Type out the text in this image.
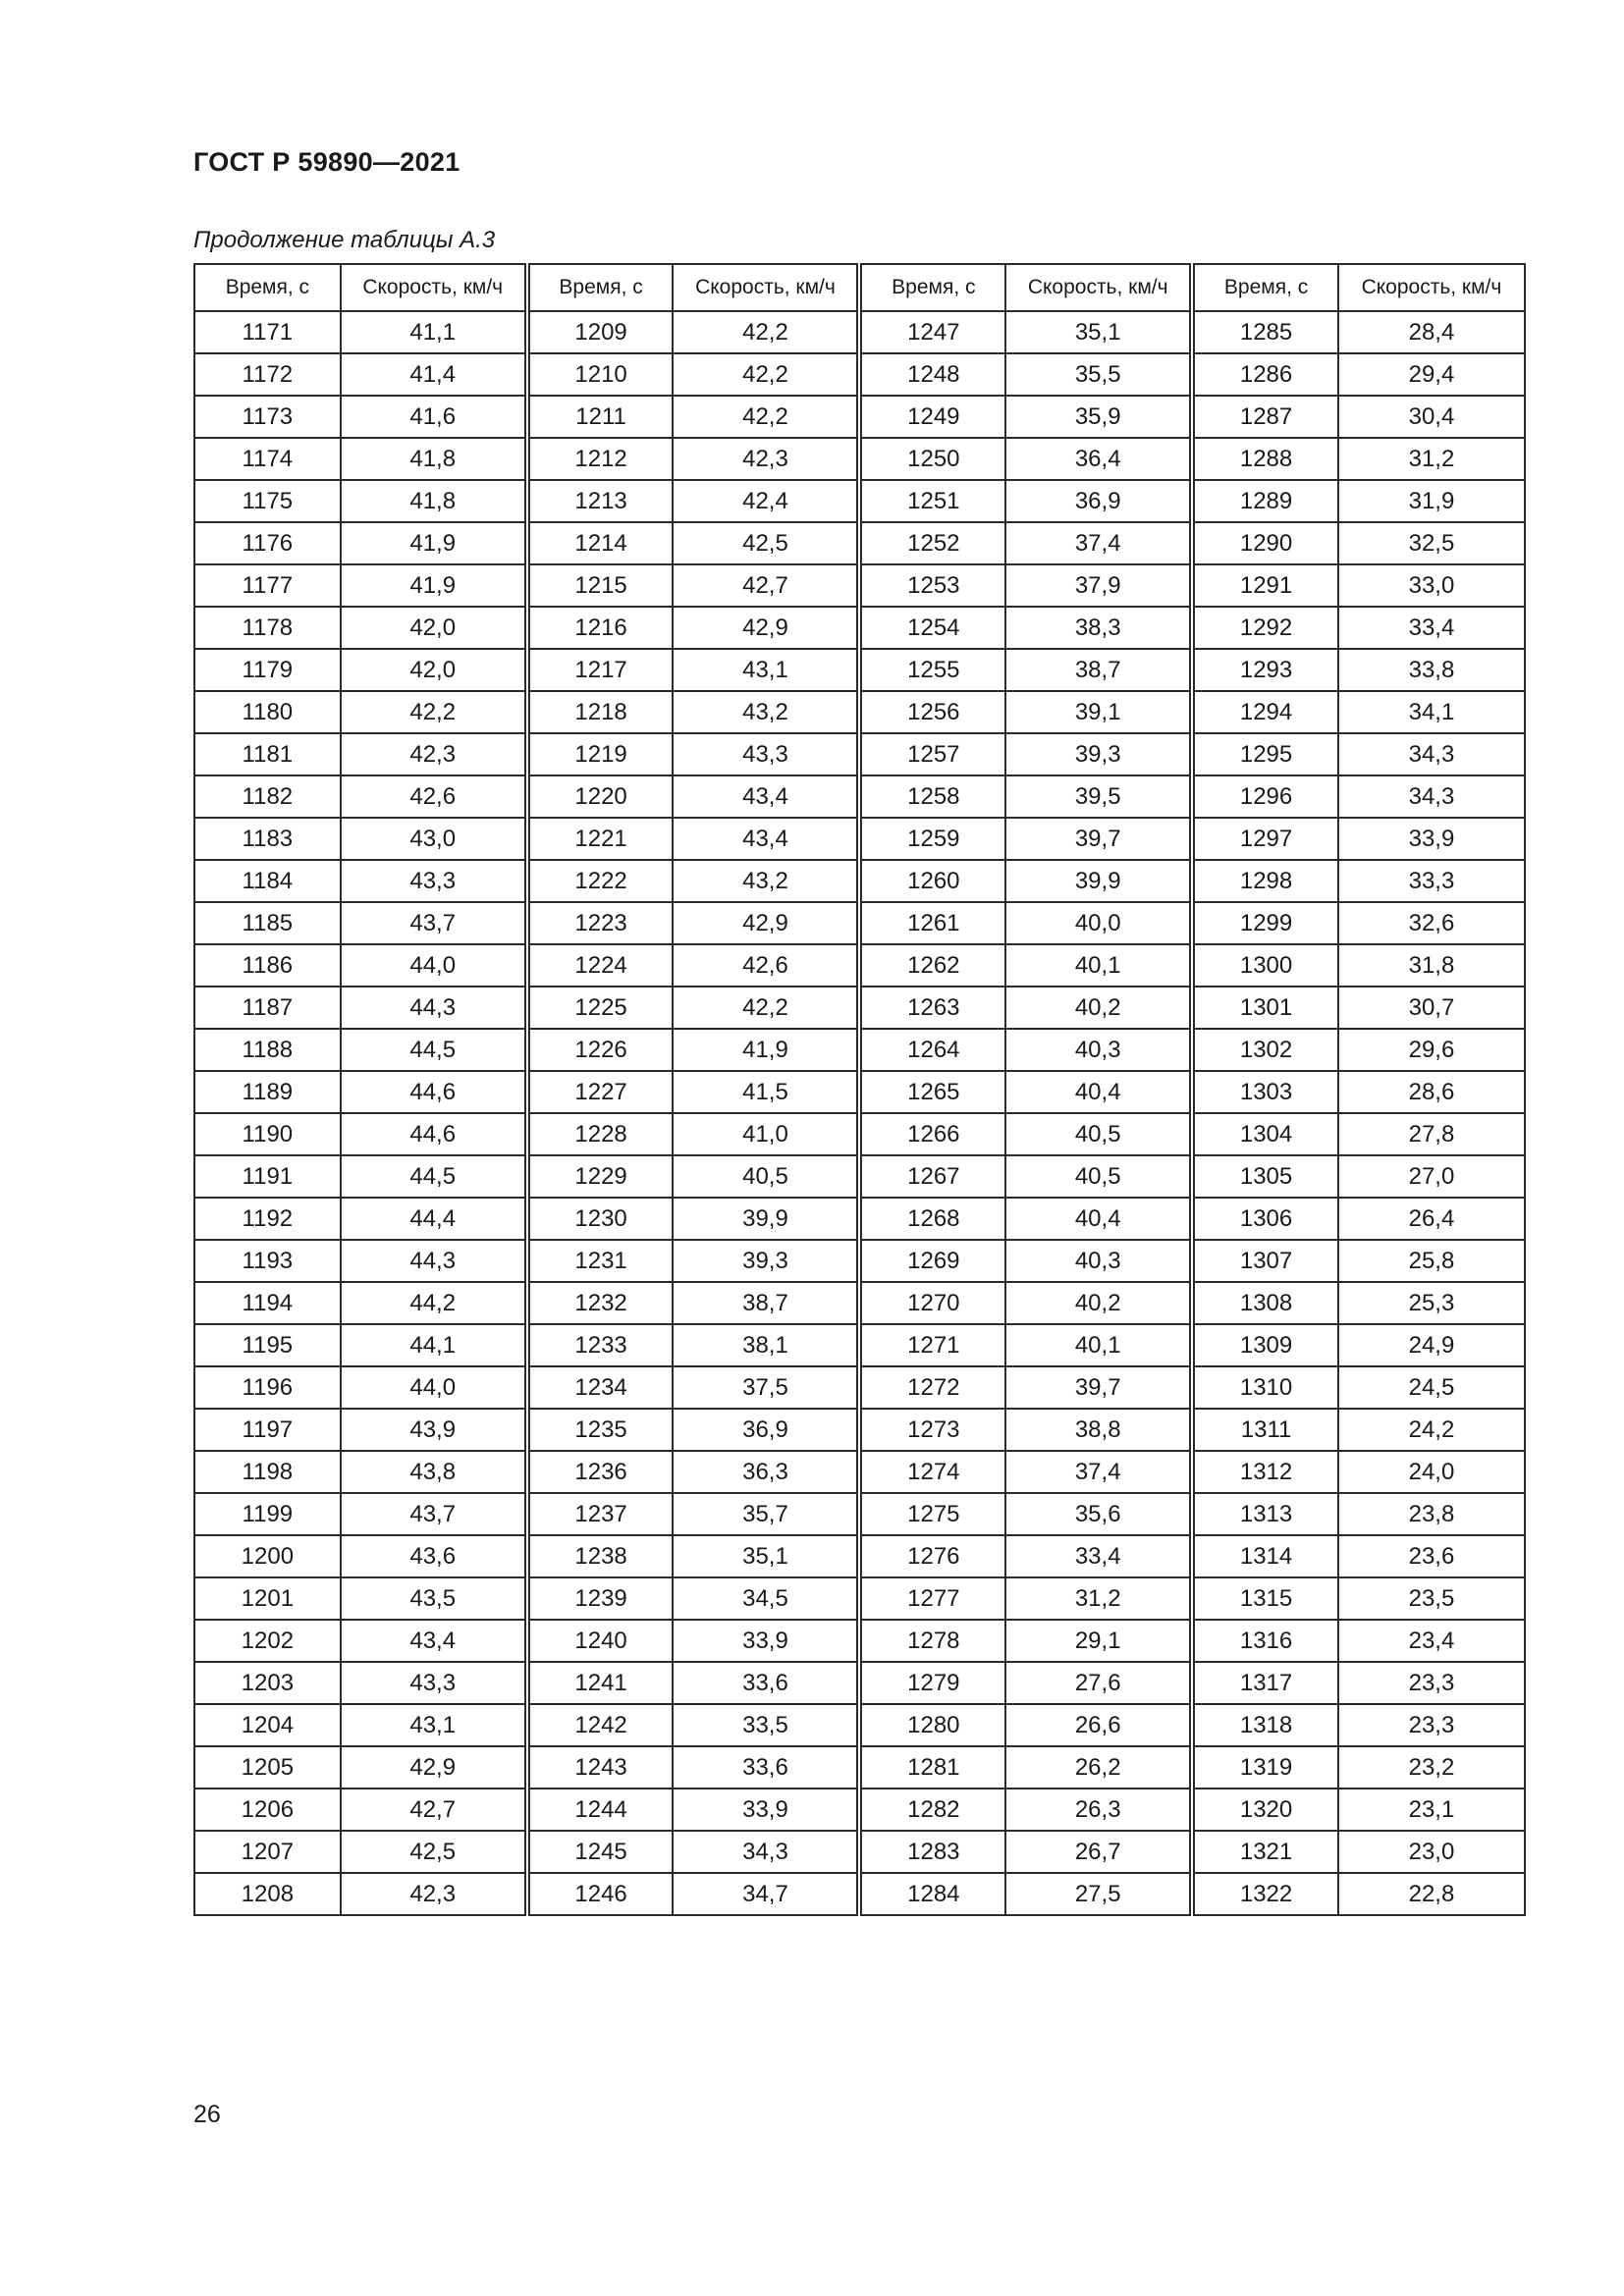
ГОСТ Р 59890—2021
Продолжение таблицы А.3
Время, с	Скорость, км/ч	Время, с	Скорость, км/ч	Время, с	Скорость, км/ч	Время, с	Скорость, км/ч
1171	41,1	1209	42,2	1247	35,1	1285	28,4
1172	41,4	1210	42,2	1248	35,5	1286	29,4
1173	41,6	1211	42,2	1249	35,9	1287	30,4
1174	41,8	1212	42,3	1250	36,4	1288	31,2
1175	41,8	1213	42,4	1251	36,9	1289	31,9
1176	41,9	1214	42,5	1252	37,4	1290	32,5
1177	41,9	1215	42,7	1253	37,9	1291	33,0
1178	42,0	1216	42,9	1254	38,3	1292	33,4
1179	42,0	1217	43,1	1255	38,7	1293	33,8
1180	42,2	1218	43,2	1256	39,1	1294	34,1
1181	42,3	1219	43,3	1257	39,3	1295	34,3
1182	42,6	1220	43,4	1258	39,5	1296	34,3
1183	43,0	1221	43,4	1259	39,7	1297	33,9
1184	43,3	1222	43,2	1260	39,9	1298	33,3
1185	43,7	1223	42,9	1261	40,0	1299	32,6
1186	44,0	1224	42,6	1262	40,1	1300	31,8
1187	44,3	1225	42,2	1263	40,2	1301	30,7
1188	44,5	1226	41,9	1264	40,3	1302	29,6
1189	44,6	1227	41,5	1265	40,4	1303	28,6
1190	44,6	1228	41,0	1266	40,5	1304	27,8
1191	44,5	1229	40,5	1267	40,5	1305	27,0
1192	44,4	1230	39,9	1268	40,4	1306	26,4
1193	44,3	1231	39,3	1269	40,3	1307	25,8
1194	44,2	1232	38,7	1270	40,2	1308	25,3
1195	44,1	1233	38,1	1271	40,1	1309	24,9
1196	44,0	1234	37,5	1272	39,7	1310	24,5
1197	43,9	1235	36,9	1273	38,8	1311	24,2
1198	43,8	1236	36,3	1274	37,4	1312	24,0
1199	43,7	1237	35,7	1275	35,6	1313	23,8
1200	43,6	1238	35,1	1276	33,4	1314	23,6
1201	43,5	1239	34,5	1277	31,2	1315	23,5
1202	43,4	1240	33,9	1278	29,1	1316	23,4
1203	43,3	1241	33,6	1279	27,6	1317	23,3
1204	43,1	1242	33,5	1280	26,6	1318	23,3
1205	42,9	1243	33,6	1281	26,2	1319	23,2
1206	42,7	1244	33,9	1282	26,3	1320	23,1
1207	42,5	1245	34,3	1283	26,7	1321	23,0
1208	42,3	1246	34,7	1284	27,5	1322	22,8
26
